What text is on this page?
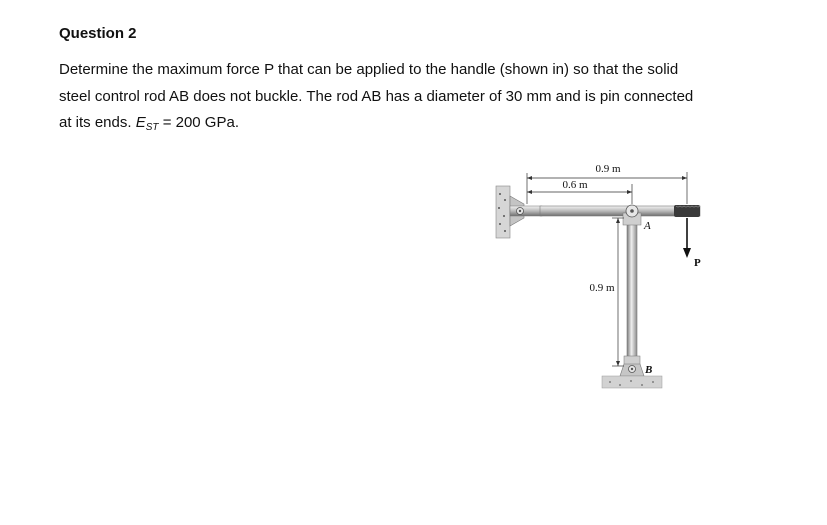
Question 2

Determine the maximum force P that can be applied to the handle (shown in) so that the solid
steel control rod AB does not buckle. The rod AB has a diameter of 30 mm and is pin connected
at its ends. $E_{ST} = 200$ GPa.

0.9 m
0.6 m
0.9 m
A
B
P
